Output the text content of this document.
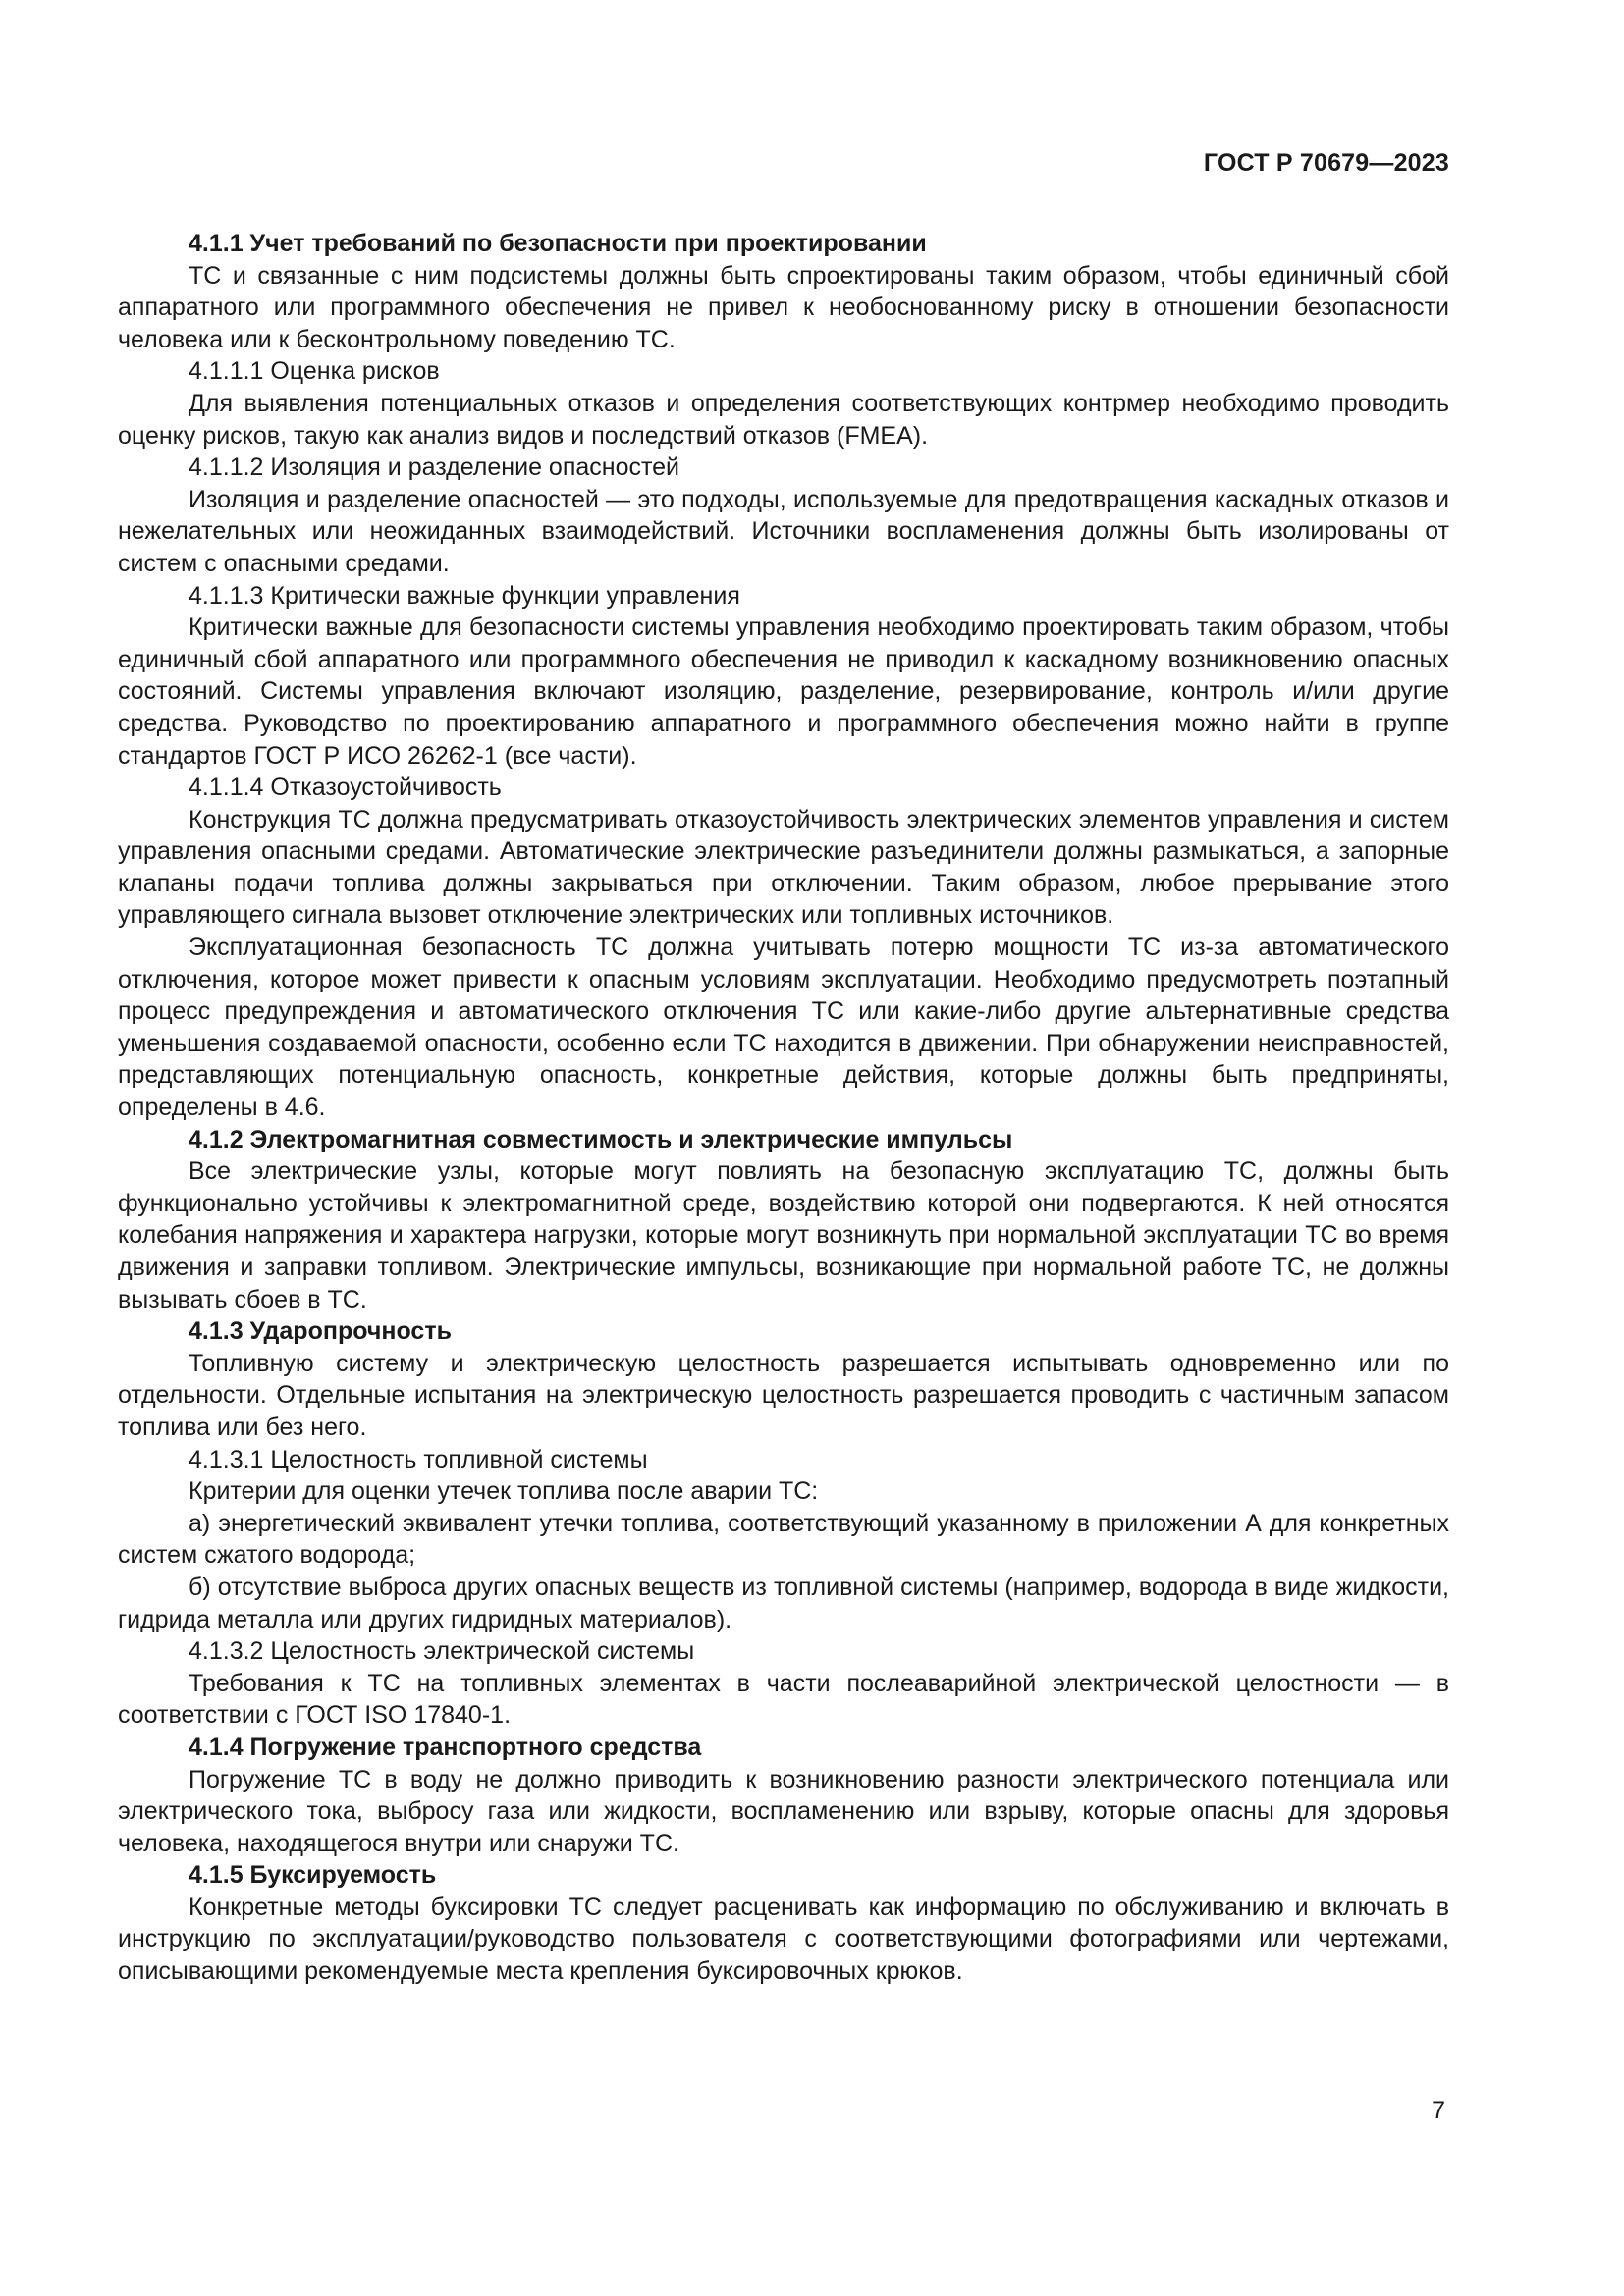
ГОСТ Р 70679—2023

4.1.1 Учет требований по безопасности при проектировании

ТС и связанные с ним подсистемы должны быть спроектированы таким образом, чтобы единичный сбой аппаратного или программного обеспечения не привел к необоснованному риску в отношении безопасности человека или к бесконтрольному поведению ТС.

4.1.1.1 Оценка рисков

Для выявления потенциальных отказов и определения соответствующих контрмер необходимо проводить оценку рисков, такую как анализ видов и последствий отказов (FMEA).

4.1.1.2 Изоляция и разделение опасностей

Изоляция и разделение опасностей — это подходы, используемые для предотвращения каскадных отказов и нежелательных или неожиданных взаимодействий. Источники воспламенения должны быть изолированы от систем с опасными средами.

4.1.1.3 Критически важные функции управления

Критически важные для безопасности системы управления необходимо проектировать таким образом, чтобы единичный сбой аппаратного или программного обеспечения не приводил к каскадному возникновению опасных состояний. Системы управления включают изоляцию, разделение, резервирование, контроль и/или другие средства. Руководство по проектированию аппаратного и программного обеспечения можно найти в группе стандартов ГОСТ Р ИСО 26262-1 (все части).

4.1.1.4 Отказоустойчивость

Конструкция ТС должна предусматривать отказоустойчивость электрических элементов управления и систем управления опасными средами. Автоматические электрические разъединители должны размыкаться, а запорные клапаны подачи топлива должны закрываться при отключении. Таким образом, любое прерывание этого управляющего сигнала вызовет отключение электрических или топливных источников.

Эксплуатационная безопасность ТС должна учитывать потерю мощности ТС из-за автоматического отключения, которое может привести к опасным условиям эксплуатации. Необходимо предусмотреть поэтапный процесс предупреждения и автоматического отключения ТС или какие-либо другие альтернативные средства уменьшения создаваемой опасности, особенно если ТС находится в движении. При обнаружении неисправностей, представляющих потенциальную опасность, конкретные действия, которые должны быть предприняты, определены в 4.6.

4.1.2 Электромагнитная совместимость и электрические импульсы

Все электрические узлы, которые могут повлиять на безопасную эксплуатацию ТС, должны быть функционально устойчивы к электромагнитной среде, воздействию которой они подвергаются. К ней относятся колебания напряжения и характера нагрузки, которые могут возникнуть при нормальной эксплуатации ТС во время движения и заправки топливом. Электрические импульсы, возникающие при нормальной работе ТС, не должны вызывать сбоев в ТС.

4.1.3 Ударопрочность

Топливную систему и электрическую целостность разрешается испытывать одновременно или по отдельности. Отдельные испытания на электрическую целостность разрешается проводить с частичным запасом топлива или без него.

4.1.3.1 Целостность топливной системы

Критерии для оценки утечек топлива после аварии ТС:

а) энергетический эквивалент утечки топлива, соответствующий указанному в приложении А для конкретных систем сжатого водорода;

б) отсутствие выброса других опасных веществ из топливной системы (например, водорода в виде жидкости, гидрида металла или других гидридных материалов).

4.1.3.2 Целостность электрической системы

Требования к ТС на топливных элементах в части послеаварийной электрической целостности — в соответствии с ГОСТ ISO 17840-1.

4.1.4 Погружение транспортного средства

Погружение ТС в воду не должно приводить к возникновению разности электрического потенциала или электрического тока, выбросу газа или жидкости, воспламенению или взрыву, которые опасны для здоровья человека, находящегося внутри или снаружи ТС.

4.1.5 Буксируемость

Конкретные методы буксировки ТС следует расценивать как информацию по обслуживанию и включать в инструкцию по эксплуатации/руководство пользователя с соответствующими фотографиями или чертежами, описывающими рекомендуемые места крепления буксировочных крюков.

7
